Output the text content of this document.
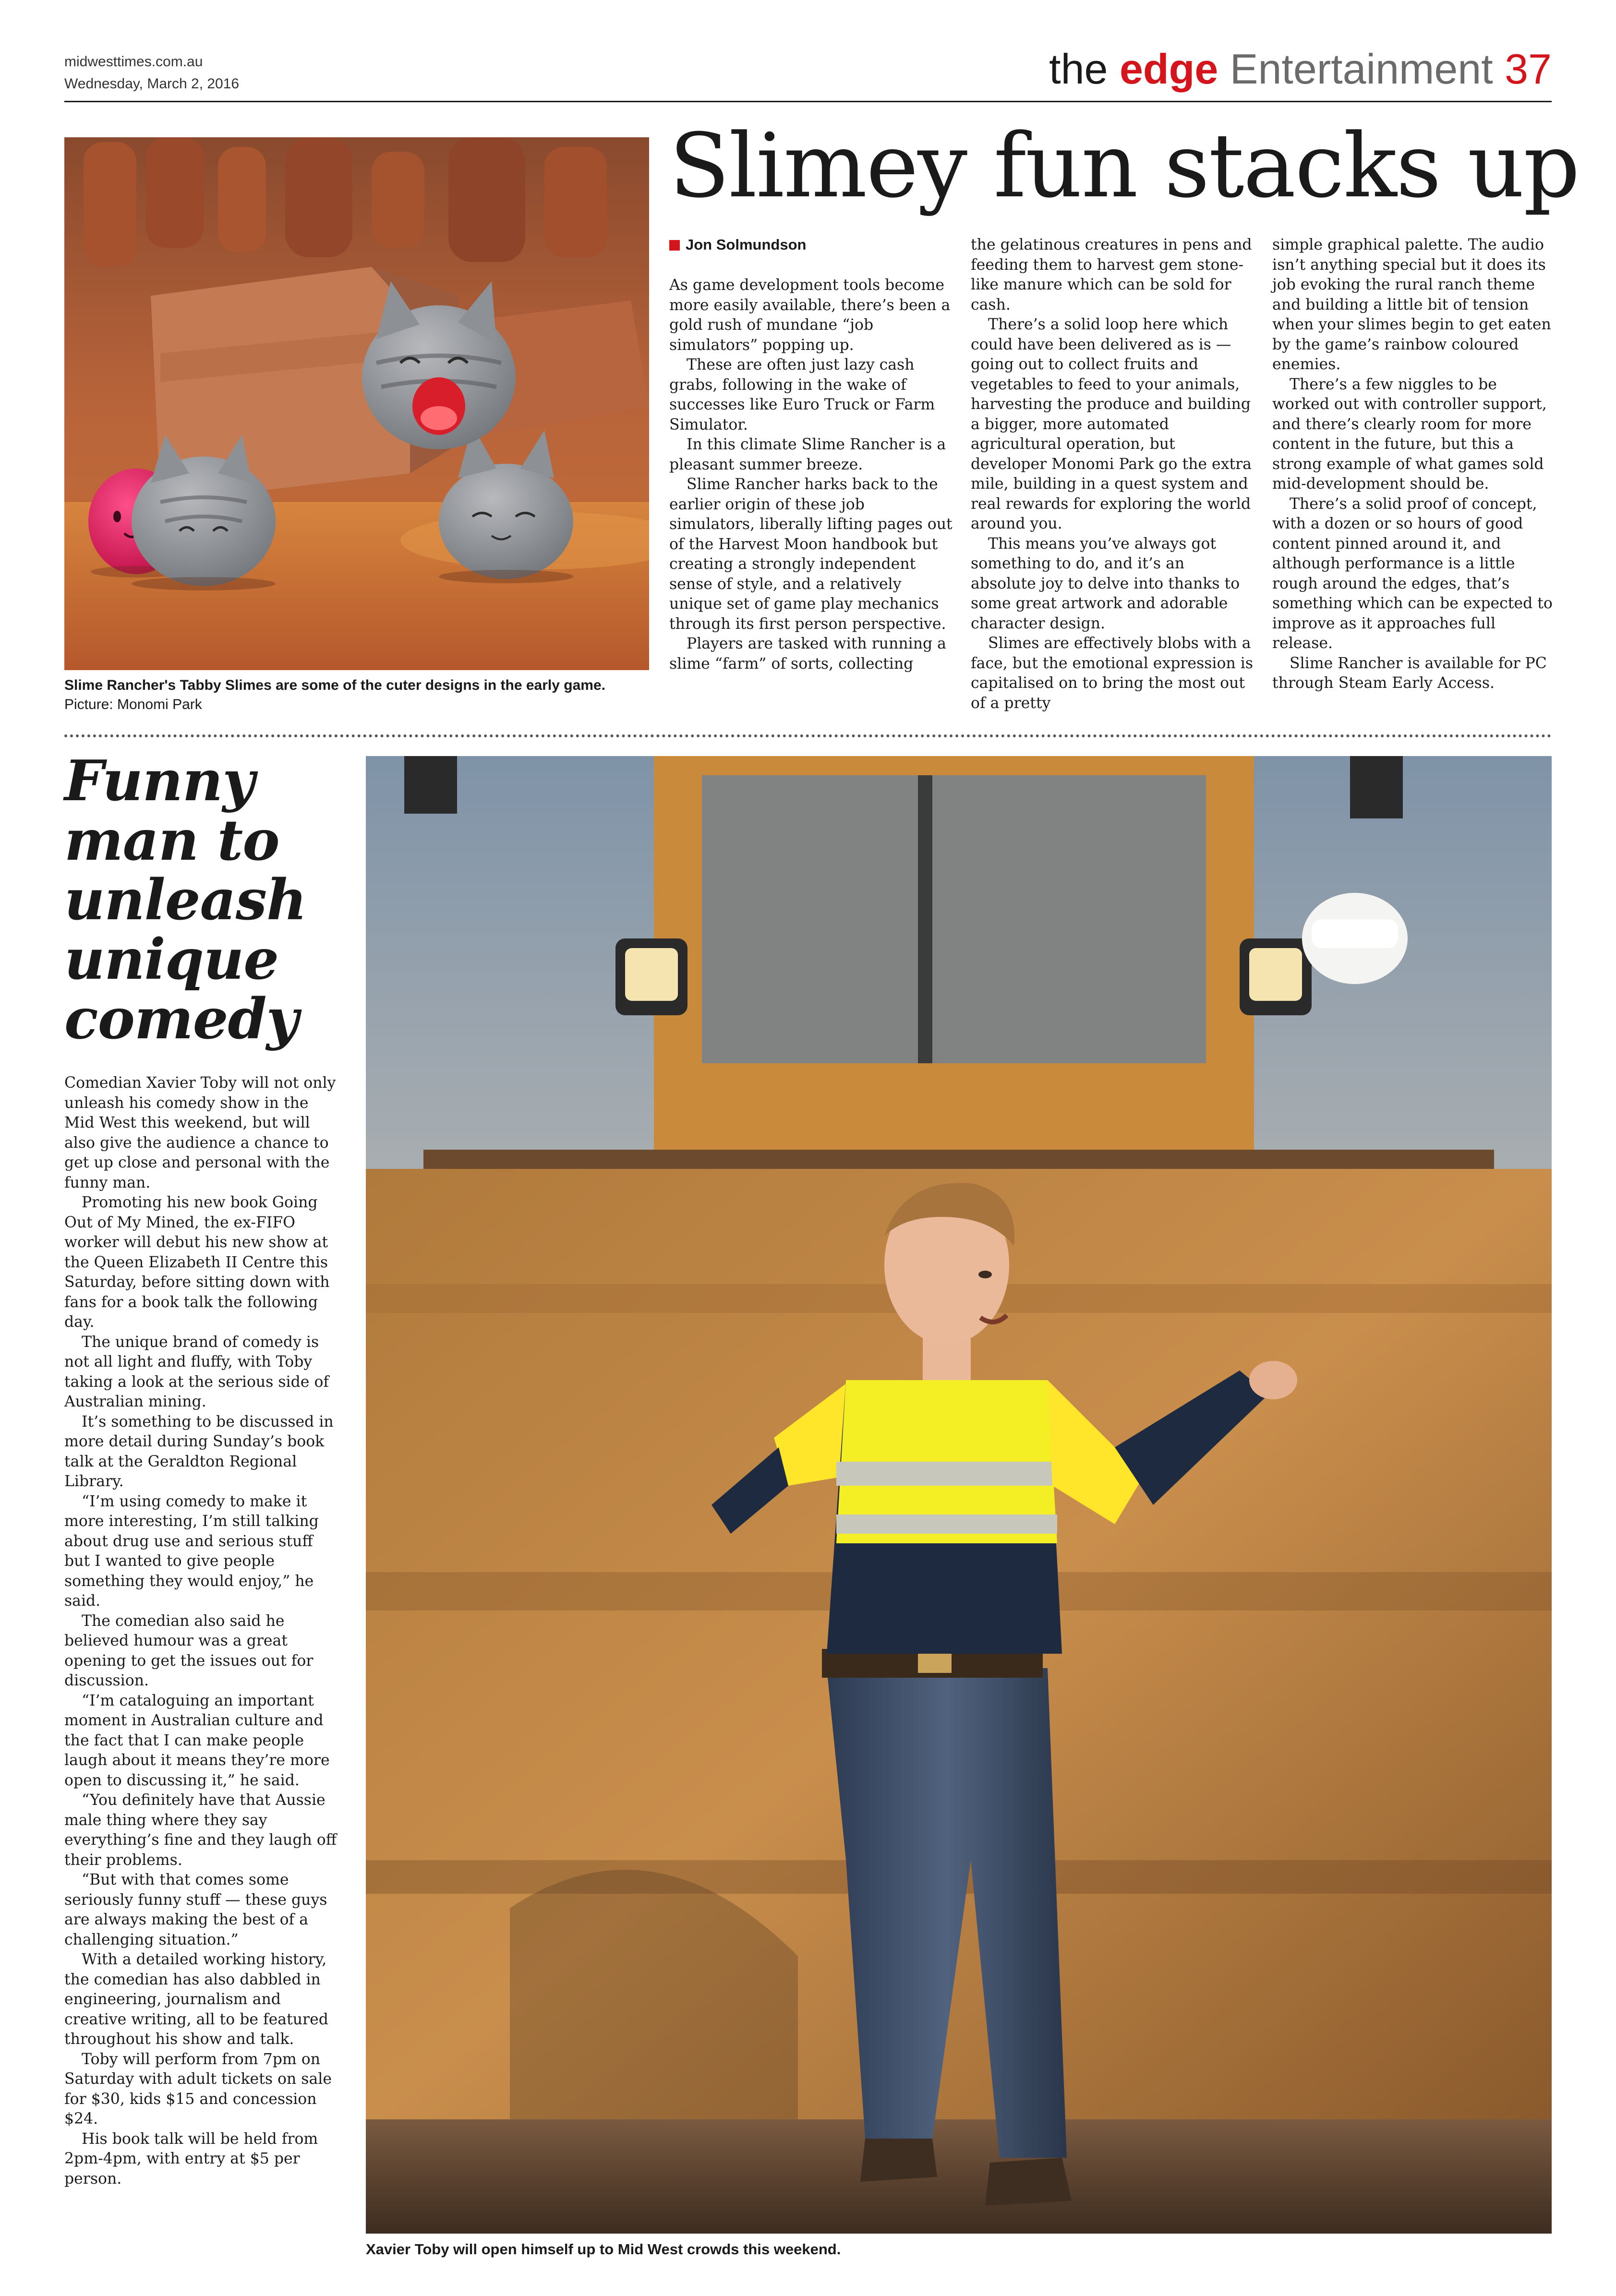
midwesttimes.com.au
Wednesday, March 2, 2016	the edge Entertainment 37
Slime Rancher's Tabby Slimes are some of the cuter designs in the early game. Picture: Monomi Park
Slimey fun stacks up
Jon Solmundson

As game development tools become more easily available, there’s been a gold rush of mundane “job simulators” popping up.

These are often just lazy cash grabs, following in the wake of successes like Euro Truck or Farm Simulator.

In this climate Slime Rancher is a pleasant summer breeze.

Slime Rancher harks back to the earlier origin of these job simulators, liberally lifting pages out of the Harvest Moon handbook but creating a strongly independent sense of style, and a relatively unique set of game play mechanics through its first person perspective.

Players are tasked with running a slime “farm” of sorts, collecting

the gelatinous creatures in pens and feeding them to harvest gem stone-like manure which can be sold for cash.

There’s a solid loop here which could have been delivered as is — going out to collect fruits and vegetables to feed to your animals, harvesting the produce and building a bigger, more automated agricultural operation, but developer Monomi Park go the extra mile, building in a quest system and real rewards for exploring the world around you.

This means you’ve always got something to do, and it’s an absolute joy to delve into thanks to some great artwork and adorable character design.

Slimes are effectively blobs with a face, but the emotional expression is capitalised on to bring the most out of a pretty

simple graphical palette. The audio isn’t anything special but it does its job evoking the rural ranch theme and building a little bit of tension when your slimes begin to get eaten by the game’s rainbow coloured enemies.

There’s a few niggles to be worked out with controller support, and there’s clearly room for more content in the future, but this a strong example of what games sold mid-development should be.

There’s a solid proof of concept, with a dozen or so hours of good content pinned around it, and although performance is a little rough around the edges, that’s something which can be expected to improve as it approaches full release.

Slime Rancher is available for PC through Steam Early Access.

Funny man to unleash unique comedy

Comedian Xavier Toby will not only unleash his comedy show in the Mid West this weekend, but will also give the audience a chance to get up close and personal with the funny man.

Promoting his new book Going Out of My Mined, the ex-FIFO worker will debut his new show at the Queen Elizabeth II Centre this Saturday, before sitting down with fans for a book talk the following day.

The unique brand of comedy is not all light and fluffy, with Toby taking a look at the serious side of Australian mining.

It’s something to be discussed in more detail during Sunday’s book talk at the Geraldton Regional Library.

“I’m using comedy to make it more interesting, I’m still talking about drug use and serious stuff but I wanted to give people something they would enjoy,” he said.

The comedian also said he believed humour was a great opening to get the issues out for discussion.

“I’m cataloguing an important moment in Australian culture and the fact that I can make people laugh about it means they’re more open to discussing it,” he said.

“You definitely have that Aussie male thing where they say everything’s fine and they laugh off their problems.

“But with that comes some seriously funny stuff — these guys are always making the best of a challenging situation.”

With a detailed working history, the comedian has also dabbled in engineering, journalism and creative writing, all to be featured throughout his show and talk.

Toby will perform from 7pm on Saturday with adult tickets on sale for $30, kids $15 and concession $24.

His book talk will be held from 2pm-4pm, with entry at $5 per person.

Xavier Toby will open himself up to Mid West crowds this weekend.
